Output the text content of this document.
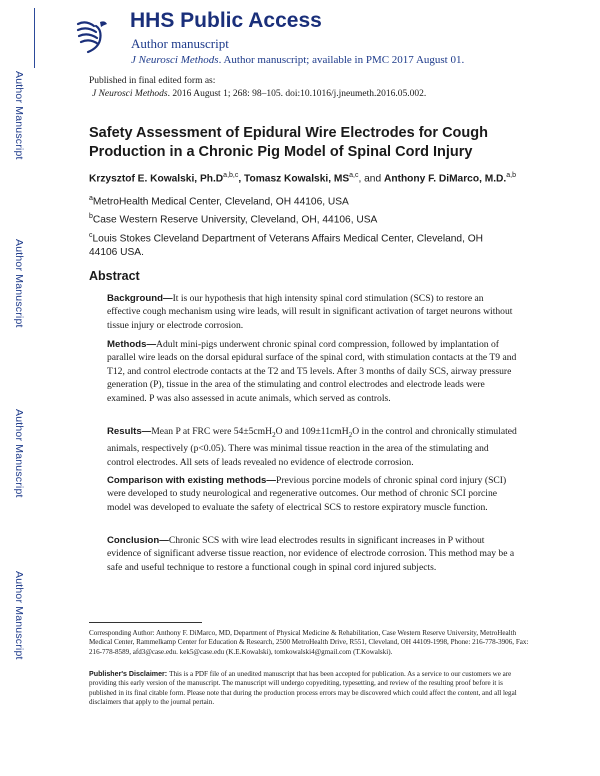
Author Manuscript
Author Manuscript
Author Manuscript
Author Manuscript
HHS Public Access
Author manuscript
J Neurosci Methods. Author manuscript; available in PMC 2017 August 01.
Published in final edited form as:
J Neurosci Methods. 2016 August 1; 268: 98–105. doi:10.1016/j.jneumeth.2016.05.002.
Safety Assessment of Epidural Wire Electrodes for Cough Production in a Chronic Pig Model of Spinal Cord Injury
Krzysztof E. Kowalski, $Ph.D^{a,b,c}$, Tomasz Kowalski, MS$^{a,c}$, and Anthony F. DiMarco, M.D.$^{a,b}$
$^a$MetroHealth Medical Center, Cleveland, OH 44106, USA
$^b$Case Western Reserve University, Cleveland, OH, 44106, USA
$^c$Louis Stokes Cleveland Department of Veterans Affairs Medical Center, Cleveland, OH 44106 USA.
Abstract
Background—It is our hypothesis that high intensity spinal cord stimulation (SCS) to restore an effective cough mechanism using wire leads, will result in significant activation of target neurons without tissue injury or electrode corrosion.
Methods—Adult mini-pigs underwent chronic spinal cord compression, followed by implantation of parallel wire leads on the dorsal epidural surface of the spinal cord, with stimulation contacts at the T9 and T12, and control electrode contacts at the T2 and T5 levels. After 3 months of daily SCS, airway pressure generation (P), tissue in the area of the stimulating and control electrodes and electrode leads were examined. P was also assessed in acute animals, which served as controls.
Results—Mean P at FRC were 54±5cmH$_2$O and 109±11cmH$_2$O in the control and chronically stimulated animals, respectively (p<0.05). There was minimal tissue reaction in the area of the stimulating and control electrodes. All sets of leads revealed no evidence of electrode corrosion.
Comparison with existing methods—Previous porcine models of chronic spinal cord injury (SCI) were developed to study neurological and regenerative outcomes. Our method of chronic SCI porcine model was developed to evaluate the safety of electrical SCS to restore expiratory muscle function.
Conclusion—Chronic SCS with wire lead electrodes results in significant increases in P without evidence of significant adverse tissue reaction, nor evidence of electrode corrosion. This method may be a safe and useful technique to restore a functional cough in spinal cord injured subjects.
Corresponding Author: Anthony F. DiMarco, MD, Department of Physical Medicine & Rehabilitation, Case Western Reserve University, MetroHealth Medical Center, Rammelkamp Center for Education & Research, 2500 MetroHealth Drive, R551, Cleveland, OH 44109-1998, Phone: 216-778-3906, Fax: 216-778-8589, afd3@case.edu. kek5@case.edu (K.E.Kowalski), tomkowalski4@gmail.com (T.Kowalski).
Publisher's Disclaimer: This is a PDF file of an unedited manuscript that has been accepted for publication. As a service to our customers we are providing this early version of the manuscript. The manuscript will undergo copyediting, typesetting, and review of the resulting proof before it is published in its final citable form. Please note that during the production process errors may be discovered which could affect the content, and all legal disclaimers that apply to the journal pertain.
